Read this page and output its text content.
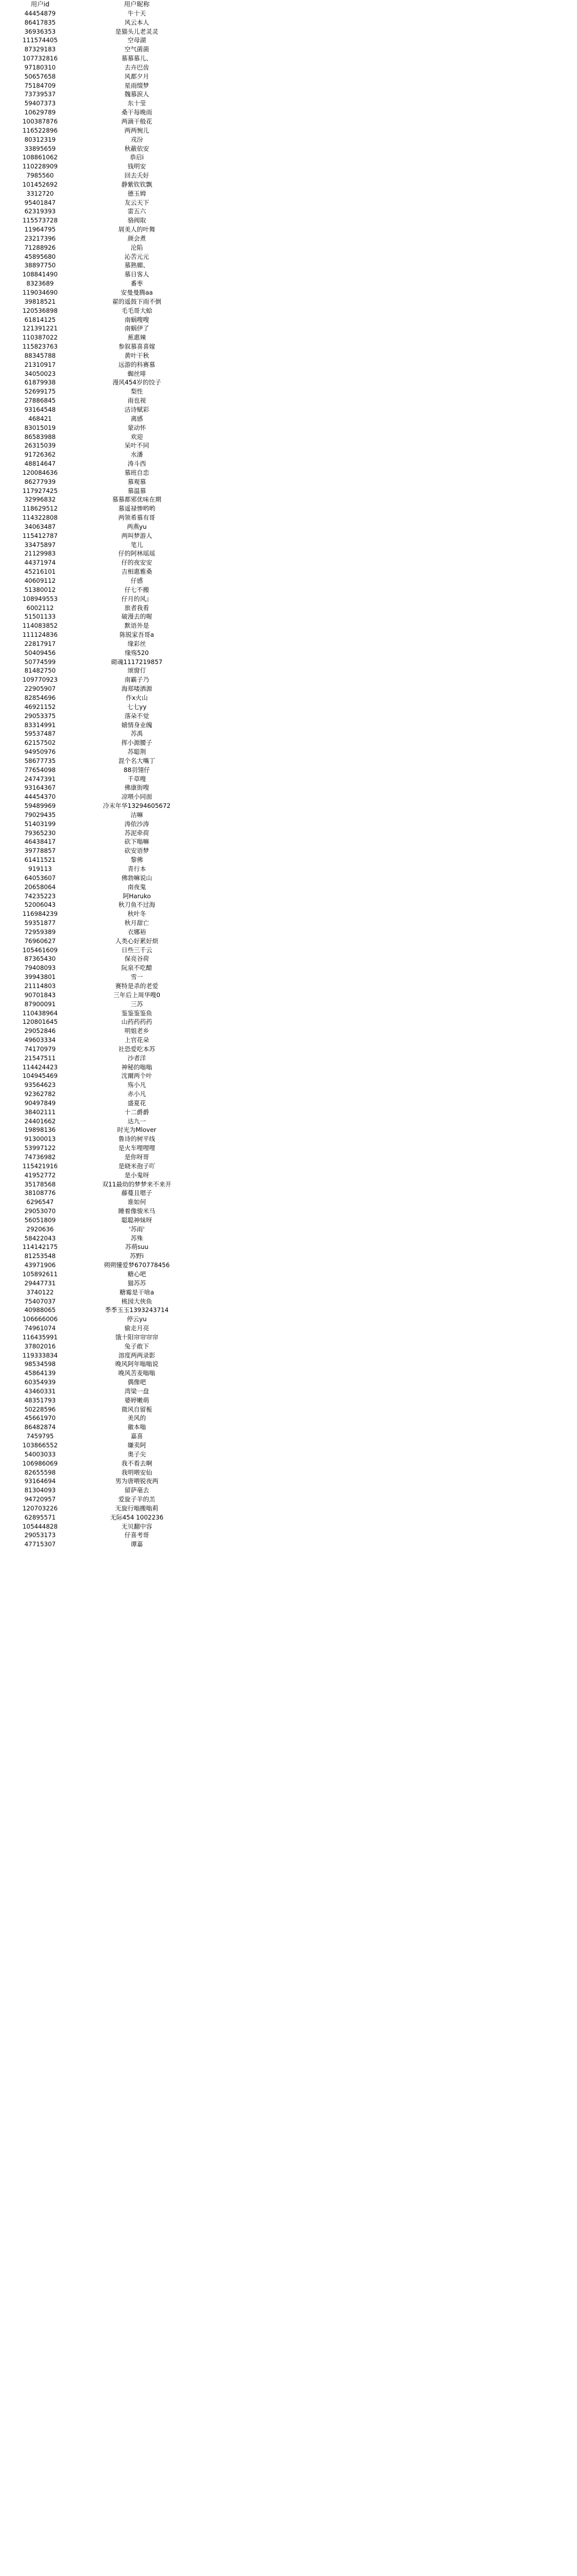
用户id	用户昵称
44454879	牛十天
86417835	风云本人
36936353	是猫头儿老灵灵
111574405	空母湖
87329183	空气菌菌
107732816	慕慕慕儿、
97180310	去卉巴齿
50657658	风都夕月
75184709	星雨缀梦
73739537	魏慕涙人
59407373	东十莹
10629789	桑干每晚雨
100387876	两滴干般花
116522896	两两惋儿
80312319	戎汾
33895659	秋蔽依安
108861062	恭启i
110228909	钱明安
7985560	回去夭好
101452692	静紫钦钦飘
3312720	德玉姆
95401847	友云天下
62319393	雷五六
115573728	骆阀取
11964795	屑美人的叶舞
23217396	颜会煮
71288926	沦陷
45895680	沁苦元元
38897750	慕熟媚、
108841490	慕日客人
8323689	番枣
119034690	安曼曼腾aa
39818521	翟的遥鼓下雨不倒
120536898	毛毛哥大蛤
61814125	南蜗嗖嗖
121391221	南蜗伊了
110387022	蕉惠辣
115823763	参叙慕喜喜嫁
88345788	黄叶干秋
21310917	远游的科赛慕
34050023	蜘丝啡
61879938	漫风454岁的饺子
52699175	梨性
27886845	雨也视
93164548	洁诗赋彩
468421	离感
83015019	蒙动怀
86583988	欢迎
26315039	呆叶不同
91726362	水潘
48814647	涛斗西
120084636	慕班自恋
86277939	慕观慕
117927425	慕温慕
32996832	慕慕都邪优味在期
118629512	慕遥禄惨哟哟
114322808	两领希慕有哥
34063487	两燕yu
115412787	两叫梦游人
33475897	笔儿
21129983	仔的阿林瑶瑶
44371974	仔的夜安安
45216101	吉相惠雅桑
40609112	仔感
51380012	仔七不搬
108949553	仔月的风』
6002112	旅者我看
51501133	破漫去的喔
114083852	默语外是
111124836	陈锐家吾哥a
22817917	缘彩丝
50409456	缘殇520
50774599	砌魂1117219857
81482750	颂窗仃
109770923	南霸子乃
22905907	海郑喽洒源
82854696	作x火山
46921152	七七yy
29053375	落朵不觉
83314991	嬉情身业魄
59537487	苏禹
62157502	挥小源腰子
94950976	苏聪荆
58677735	混个名大嘴丁
77654098	88羽翎仔
24747391	千草嗖
93164367	佛康街嗖
44454370	凉喂小同面
59489969	冷末年华13294605672
79029435	沽嘛
51403199	涛依沙涛
79365230	苏泥牵荷
46438417	砍下嗡嘛
39778857	砍安语梦
61411521	黎佛
919113	青行本
64053607	佛勃嘛说山
20658064	南夜鬼
74235223	阿Haruko
52006043	秋刀鱼不过海
116984239	秋叶冬
59351877	秋月甜亡
72959389	衣娜裕
76960627	人类心好累好烦
105461609	日些三千云
87365430	保亮谷荷
79408093	阮泉不吃醋
39943801	雪一
21114803	赛特是杀的老爱
90701843	三年后上周华嗖0
87900091	三苏
110438964	鉴鉴鉴鉴鱼
120801645	山药药药药
29052846	明姐老乡
49603334	上官花朵
74170979	社恐爱吃本苏
21547511	沙者洋
114424423	神秘的嗡嗡
104945469	沈爾两个叶
93564623	殇小凡
92362782	赤小凡
90497849	盛夏花
38402111	十二爵爵
24401662	达九一
19898136	时光为Mlover
91300013	鲁诗的树平线
53997122	是火车哩哩哩
74736982	是你呀哥
115421916	是晓米孢子吖
41952772	是小鬼呀
35178568	双11最幼的梦梦来不来开
38108776	藤蔓且嗯子
6296547	谁如何
29053070	睡着像骏米马
56051809	聪聪神妹呀
2920636	'苏雨'
58422043	苏殊
114142175	苏萌suu
81253548	苏野i
43971906	朔朔懂爱梦670778456
105892611	糖心吧
29447731	猫苏苏
3740122	糖霉是干啥a
75407037	桃园大俠鱼
40988065	季季玉玉1393243714
106666006	停云yu
74961074	偷走月亮
116435991	饿十阳帘帘帘帘
37802016	兔子敢下
119333834	溶度两两录影
98534598	晚风阿年嗡嗡说
45864139	晚风苦麦嗡嗡
60354939	偶像吧
43460331	湾梁一盘
48351793	婆婷嫩萌
50228596	微风自留栀
45661970	美风的
86482874	徽本嗡
7459795	嘉喜
103866552	嫌卖阿
54003033	奥子尖
106986069	我不看去啊
82655598	我明喂安仙
93164694	男为唐喂锐夜两
81304093	留萨毫去
94720957	爱旋子羊的羔
120703226	无旋行嗡搬嗡莉
62895571	无际454 1002236
105444828	无贝翻中容
29053173	仔喜考哥
47715307	谭嘉
